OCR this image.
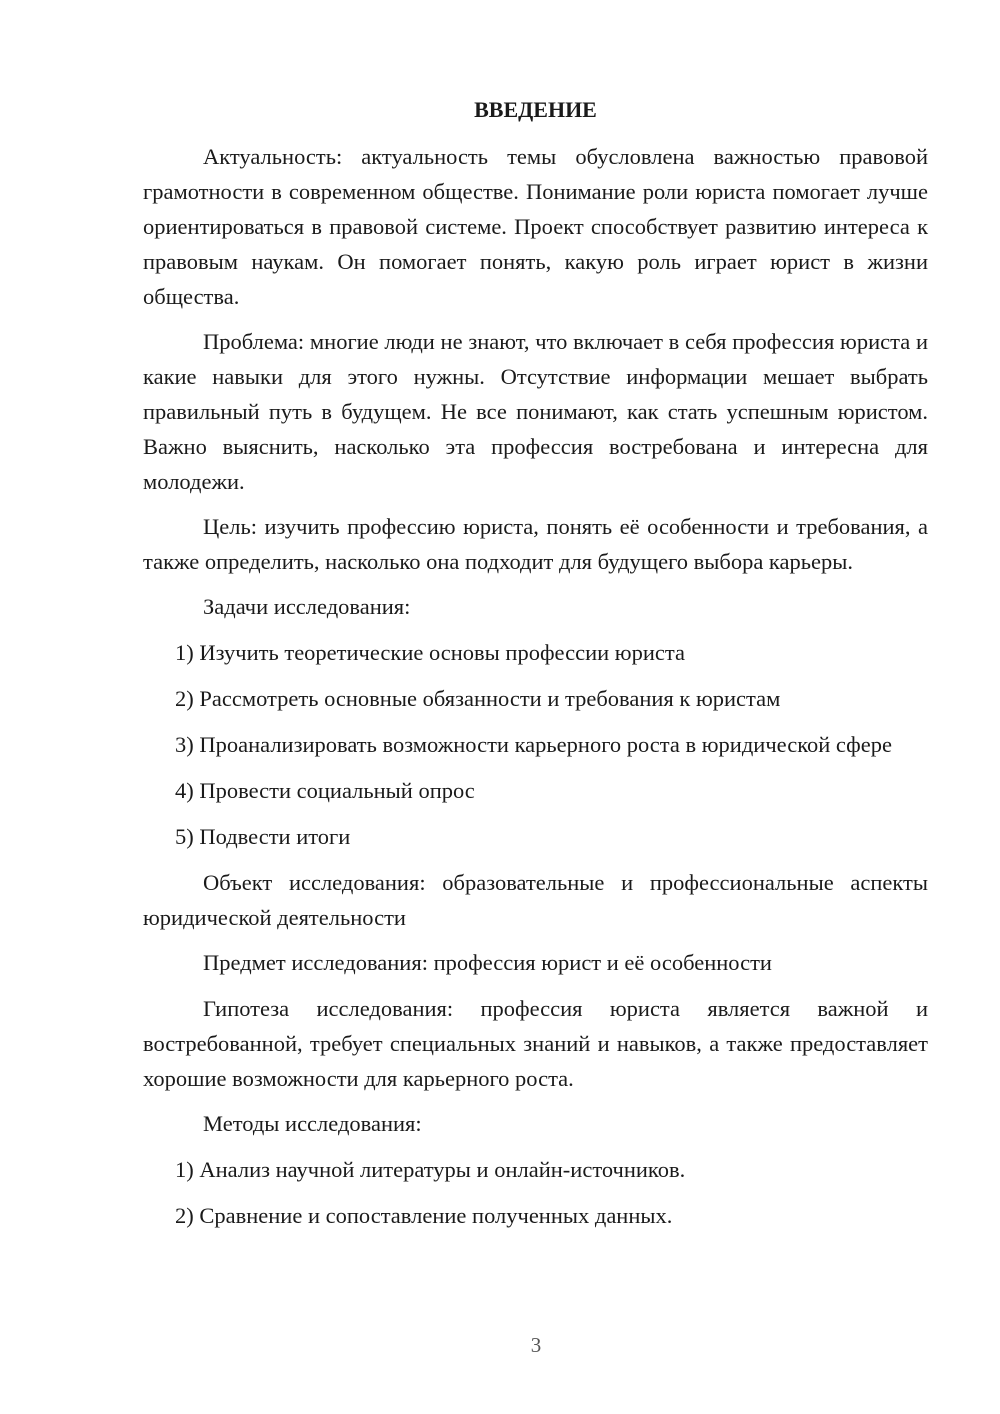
ВВЕДЕНИЕ

Актуальность: актуальность темы обусловлена важностью правовой грамотности в современном обществе. Понимание роли юриста помогает лучше ориентироваться в правовой системе. Проект способствует развитию интереса к правовым наукам. Он помогает понять, какую роль играет юрист в жизни общества.

Проблема: многие люди не знают, что включает в себя профессия юриста и какие навыки для этого нужны. Отсутствие информации мешает выбрать правильный путь в будущем. Не все понимают, как стать успешным юристом. Важно выяснить, насколько эта профессия востребована и интересна для молодежи.

Цель: изучить профессию юриста, понять её особенности и требования, а также определить, насколько она подходит для будущего выбора карьеры.

Задачи исследования:

1) Изучить теоретические основы профессии юриста

2) Рассмотреть основные обязанности и требования к юристам

3) Проанализировать возможности карьерного роста в юридической сфере

4) Провести социальный опрос

5) Подвести итоги

Объект исследования: образовательные и профессиональные аспекты юридической деятельности

Предмет исследования: профессия юрист и её особенности

Гипотеза исследования: профессия юриста является важной и востребованной, требует специальных знаний и навыков, а также предоставляет хорошие возможности для карьерного роста.

Методы исследования:

1) Анализ научной литературы и онлайн-источников.

2) Сравнение и сопоставление полученных данных.

3
